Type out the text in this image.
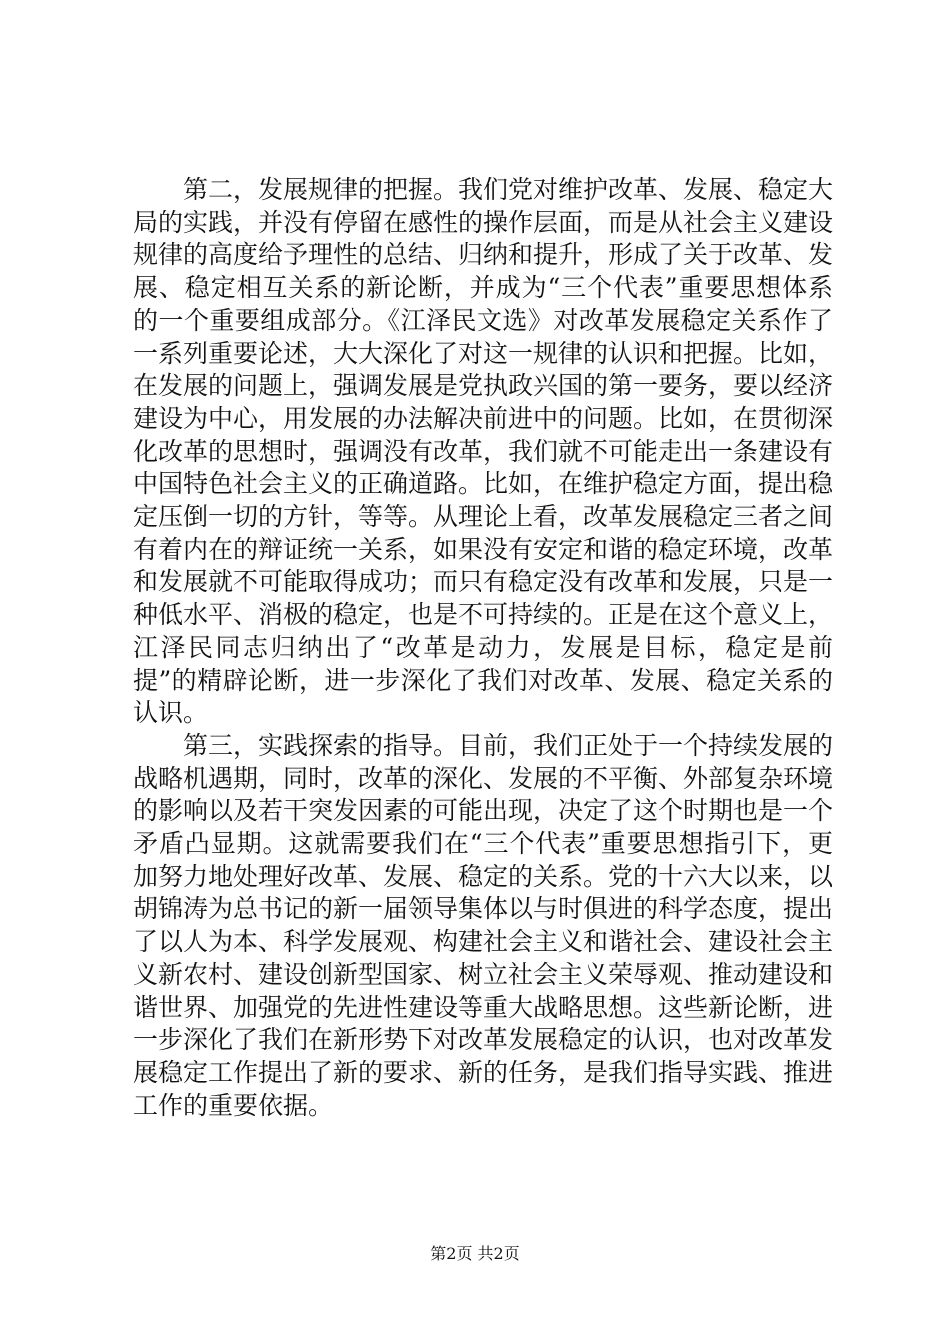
第二，发展规律的把握。我们党对维护改革、发展、稳定大局的实践，并没有停留在感性的操作层面，而是从社会主义建设规律的高度给予理性的总结、归纳和提升，形成了关于改革、发展、稳定相互关系的新论断，并成为“三个代表”重要思想体系的一个重要组成部分。《江泽民文选》对改革发展稳定关系作了一系列重要论述，大大深化了对这一规律的认识和把握。比如，在发展的问题上，强调发展是党执政兴国的第一要务，要以经济建设为中心，用发展的办法解决前进中的问题。比如，在贯彻深化改革的思想时，强调没有改革，我们就不可能走出一条建设有中国特色社会主义的正确道路。比如，在维护稳定方面，提出稳定压倒一切的方针，等等。从理论上看，改革发展稳定三者之间有着内在的辩证统一关系，如果没有安定和谐的稳定环境，改革和发展就不可能取得成功；而只有稳定没有改革和发展，只是一种低水平、消极的稳定，也是不可持续的。正是在这个意义上，江泽民同志归纳出了“改革是动力，发展是目标，稳定是前提”的精辟论断，进一步深化了我们对改革、发展、稳定关系的认识。

第三，实践探索的指导。目前，我们正处于一个持续发展的战略机遇期，同时，改革的深化、发展的不平衡、外部复杂环境的影响以及若干突发因素的可能出现，决定了这个时期也是一个矛盾凸显期。这就需要我们在“三个代表”重要思想指引下，更加努力地处理好改革、发展、稳定的关系。党的十六大以来，以胡锦涛为总书记的新一届领导集体以与时俱进的科学态度，提出了以人为本、科学发展观、构建社会主义和谐社会、建设社会主义新农村、建设创新型国家、树立社会主义荣辱观、推动建设和谐世界、加强党的先进性建设等重大战略思想。这些新论断，进一步深化了我们在新形势下对改革发展稳定的认识，也对改革发展稳定工作提出了新的要求、新的任务，是我们指导实践、推进工作的重要依据。

第2页 共2页
